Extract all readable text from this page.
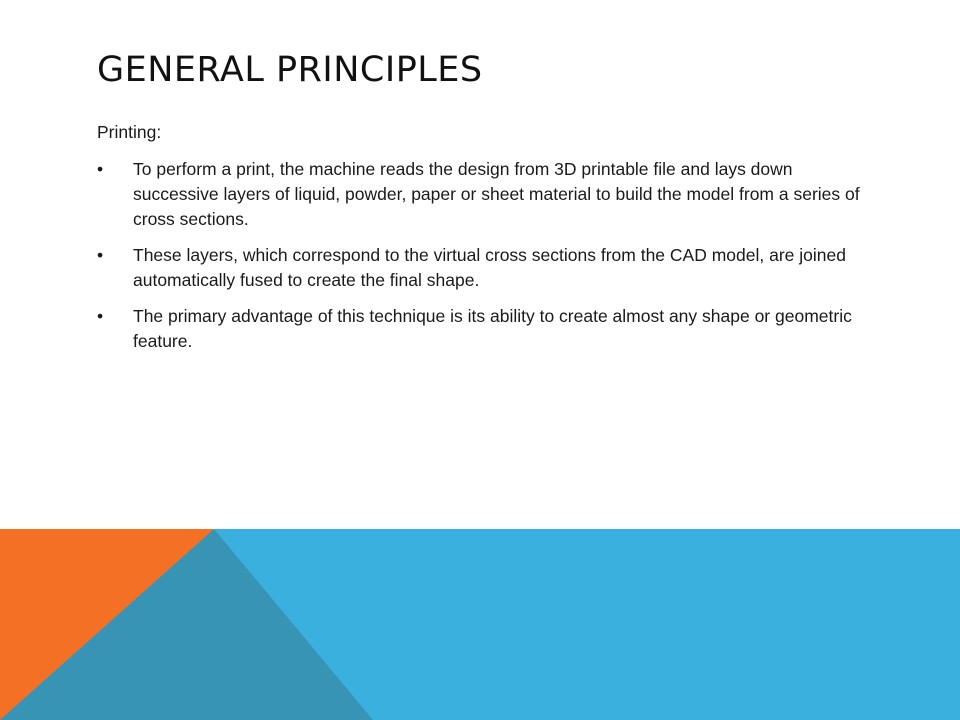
GENERAL PRINCIPLES

Printing:

•	To perform a print, the machine reads the design from 3D printable file and lays down successive layers of liquid, powder, paper or sheet material to build the model from a series of cross sections.
•	These layers, which correspond to the virtual cross sections from the CAD model, are joined automatically fused to create the final shape.
•	The primary advantage of this technique is its ability to create almost any shape or geometric feature.
